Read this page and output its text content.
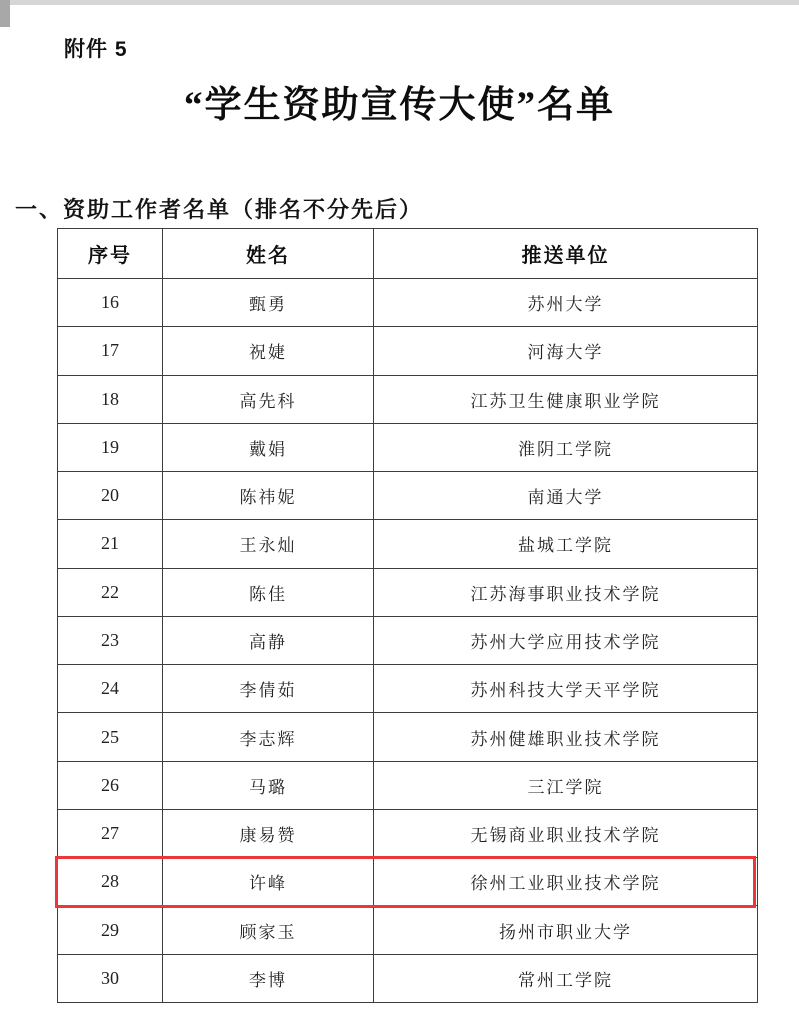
附件 5
“学生资助宣传大使”名单
一、资助工作者名单（排名不分先后）
序号	姓名	推送单位
16	甄勇	苏州大学
17	祝婕	河海大学
18	高先科	江苏卫生健康职业学院
19	戴娟	淮阴工学院
20	陈祎妮	南通大学
21	王永灿	盐城工学院
22	陈佳	江苏海事职业技术学院
23	高静	苏州大学应用技术学院
24	李倩茹	苏州科技大学天平学院
25	李志辉	苏州健雄职业技术学院
26	马璐	三江学院
27	康易赞	无锡商业职业技术学院
28	许峰	徐州工业职业技术学院
29	顾家玉	扬州市职业大学
30	李博	常州工学院
